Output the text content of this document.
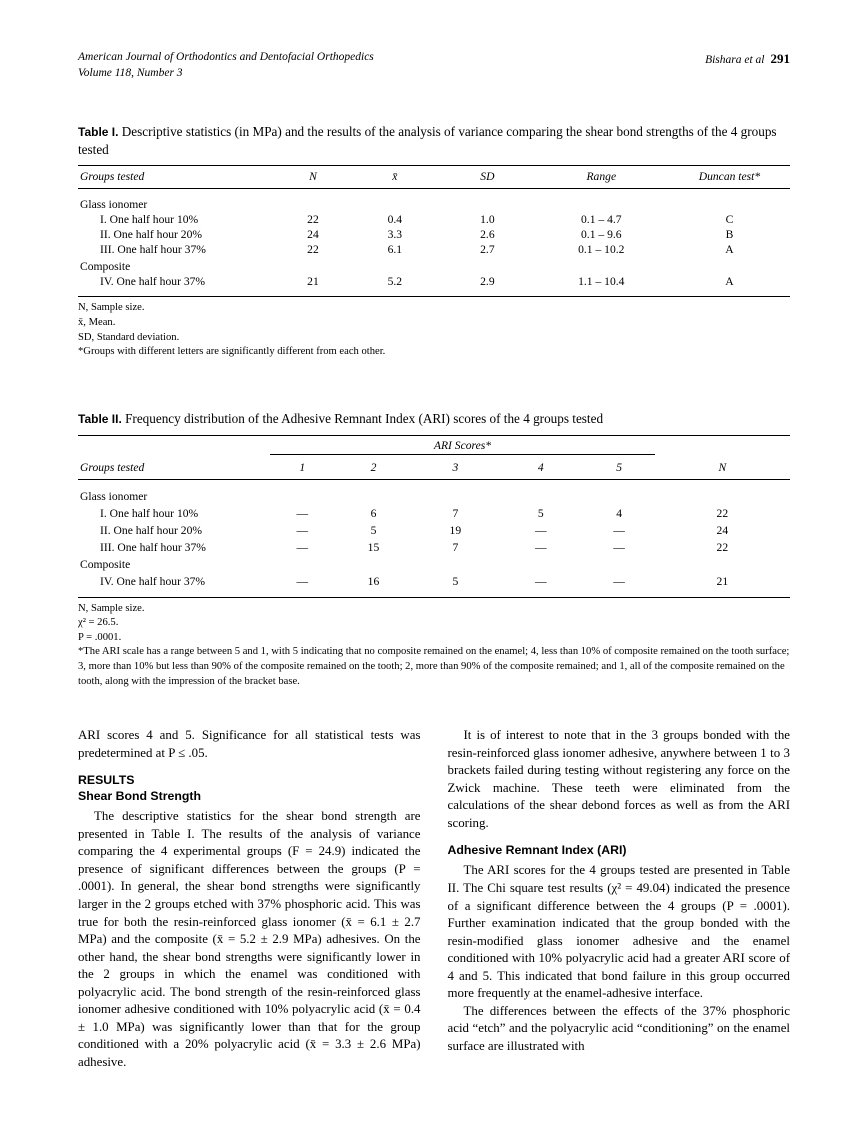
American Journal of Orthodontics and Dentofacial Orthopedics
Volume 118, Number 3
Bishara et al 291

Table I. Descriptive statistics (in MPa) and the results of the analysis of variance comparing the shear bond strengths of the 4 groups tested

Groups tested	N	x̄	SD	Range	Duncan test*
Glass ionomer					
I. One half hour 10%	22	0.4	1.0	0.1 – 4.7	C
II. One half hour 20%	24	3.3	2.6	0.1 – 9.6	B
III. One half hour 37%	22	6.1	2.7	0.1 – 10.2	A
Composite					
IV. One half hour 37%	21	5.2	2.9	1.1 – 10.4	A

N, Sample size.

x̄, Mean.

SD, Standard deviation.

*Groups with different letters are significantly different from each other.

Table II. Frequency distribution of the Adhesive Remnant Index (ARI) scores of the 4 groups tested

	ARI Scores*					
Groups tested	1	2	3	4	5	N
Glass ionomer						
I. One half hour 10%	—	6	7	5	4	22
II. One half hour 20%	—	5	19	—	—	24
III. One half hour 37%	—	15	7	—	—	22
Composite						
IV. One half hour 37%	—	16	5	—	—	21

N, Sample size.

χ² = 26.5.

P = .0001.

*The ARI scale has a range between 5 and 1, with 5 indicating that no composite remained on the enamel; 4, less than 10% of composite remained on the tooth surface; 3, more than 10% but less than 90% of the composite remained on the tooth; 2, more than 90% of the composite remained; and 1, all of the composite remained on the tooth, along with the impression of the bracket base.

ARI scores 4 and 5. Significance for all statistical tests was predetermined at P ≤ .05.

RESULTS
Shear Bond Strength

The descriptive statistics for the shear bond strength are presented in Table I. The results of the analysis of variance comparing the 4 experimental groups (F = 24.9) indicated the presence of significant differences between the groups (P = .0001). In general, the shear bond strengths were significantly larger in the 2 groups etched with 37% phosphoric acid. This was true for both the resin-reinforced glass ionomer (x̄ = 6.1 ± 2.7 MPa) and the composite (x̄ = 5.2 ± 2.9 MPa) adhesives. On the other hand, the shear bond strengths were significantly lower in the 2 groups in which the enamel was conditioned with polyacrylic acid. The bond strength of the resin-reinforced glass ionomer adhesive conditioned with 10% polyacrylic acid (x̄ = 0.4 ± 1.0 MPa) was significantly lower than that for the group conditioned with a 20% polyacrylic acid (x̄ = 3.3 ± 2.6 MPa) adhesive.

It is of interest to note that in the 3 groups bonded with the resin-reinforced glass ionomer adhesive, anywhere between 1 to 3 brackets failed during testing without registering any force on the Zwick machine. These teeth were eliminated from the calculations of the shear debond forces as well as from the ARI scoring.

Adhesive Remnant Index (ARI)

The ARI scores for the 4 groups tested are presented in Table II. The Chi square test results (χ² = 49.04) indicated the presence of a significant difference between the 4 groups (P = .0001). Further examination indicated that the group bonded with the resin-modified glass ionomer adhesive and the enamel conditioned with 10% polyacrylic acid had a greater ARI score of 4 and 5. This indicated that bond failure in this group occurred more frequently at the enamel-adhesive interface.

The differences between the effects of the 37% phosphoric acid “etch” and the polyacrylic acid “conditioning” on the enamel surface are illustrated with
